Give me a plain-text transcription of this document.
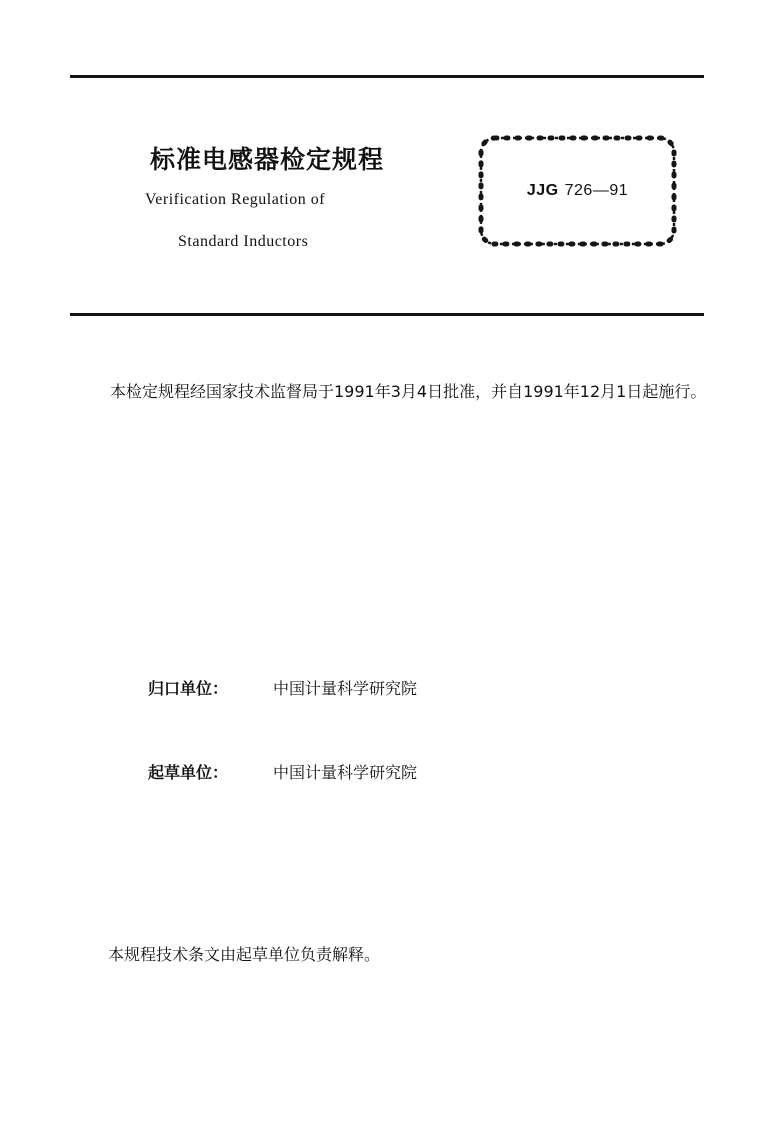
标准电感器检定规程
Verification Regulation of
Standard Inductors
JJG 726—91
本检定规程经国家技术监督局于1991年3月4日批准，并自1991年12月1日起施行。
归口单位：	中国计量科学研究院
起草单位：	中国计量科学研究院
本规程技术条文由起草单位负责解释。
